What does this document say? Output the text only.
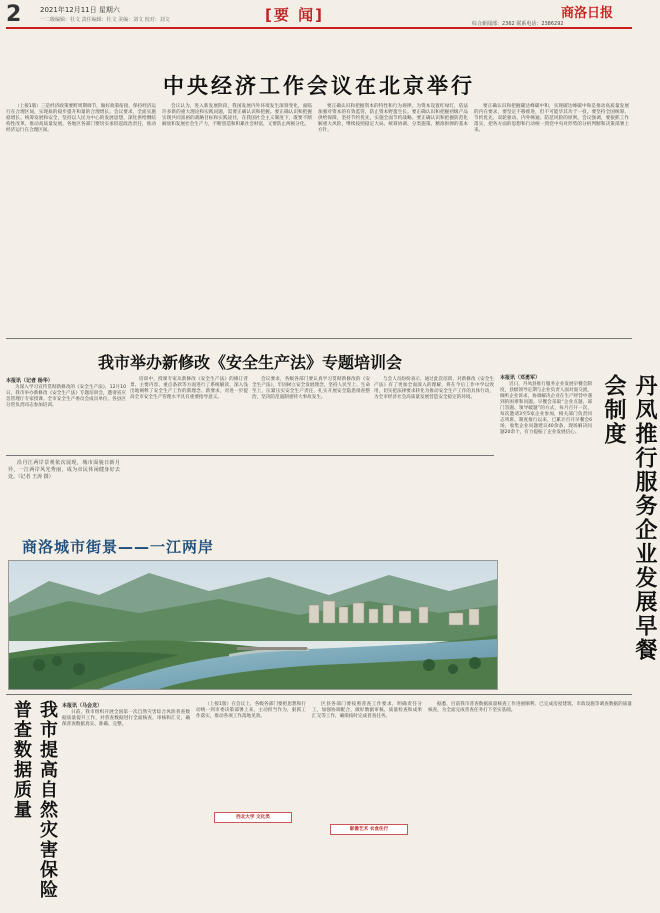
2	2021年12月11日 星期六
一二级编辑：杜文 责任编辑：杜文 美编：刘文 校对：刘文	[要 闻]	商洛日报
综合新闻部：2362 联系电话：2386292
中央经济工作会议在北京举行

（上接1版）三是经济政策要跨周期调节，做好政策衔接，保持经济运行在合理区间，实现质的稳步提升和量的合理增长。会议要求，全面实施稳增长、统筹发展和安全，坚持以人民为中心的发展思想，深化供给侧结构性改革，推动高质量发展。各地区各部门要切实承担起政治责任，推动经济运行在合理区间。

会议认为，进入新发展阶段，我国发展内外环境发生深刻变化，面临许多新的重大理论和实践问题，需要正确认识和把握。要正确认识和把握实现共同富裕的战略目标和实践途径，在我国社会主义制度下，既要不断解放和发展社会生产力，不断创造和积累社会财富，又要防止两极分化。

要正确认识和把握资本的特性和行为规律，为资本设置红绿灯，依法加强对资本的有效监管，防止资本野蛮生长。要正确认识和把握初级产品供给保障，坚持节约优先，实施全面节约战略。要正确认识和把握防范化解重大风险，继续按照稳定大局、统筹协调、分类施策、精准拆弹的基本方针。

要正确认识和把握碳达峰碳中和，实现碳达峰碳中和是推动高质量发展的内在要求，要坚定不移推进，但不可能毕其功于一役。要坚持全国统筹、节约优先、双轮驱动、内外畅通、防范风险的原则。会议强调，要狠抓工作落实，把各方面的思想和行动统一到党中央对形势的分析判断和决策部署上来。

我市举办新修改《安全生产法》专题培训会
本报讯（记者 杨华）

为深入学习宣传贯彻新修改的《安全生产法》，12月10日，我市举办新修改《安全生产法》专题培训会，邀请省应急管理厅专家授课。全市安全生产委员会成员单位、各县区分管负责同志参加培训。

培训中，授课专家从新修改《安全生产法》的修订背景、主要内容、重点条款等方面进行了系统解读，深入浅出地阐释了安全生产工作的新理念、新要求，对进一步提高全市安全生产管理水平具有重要指导意义。

会议要求，各级各部门要认真学习贯彻新修改的《安全生产法》，牢固树立安全发展理念，坚持人民至上、生命至上，压紧压实安全生产责任，扎实开展安全隐患排查整治，坚决防范遏制重特大事故发生。

与会人员纷纷表示，通过此次培训，对新修改《安全生产法》有了更加全面深入的理解，将在今后工作中学以致用，切实把法律要求转化为推动安全生产工作的具体行动，为全市经济社会高质量发展营造安全稳定的环境。	丹凤推行服务企业发展早餐会制度
本报讯（邓勇军）

近日，丹凤县推行服务企业发展早餐会制度，县级领导定期与企业负责人面对面交流，倾听企业诉求，协调解决企业在生产经营中遇到的困难和问题。早餐会采取“企业点题、部门答题、领导破题”的方式，每月召开一次，每次邀请3至5家企业参加，相关部门负责同志列席。制度推行以来，已累计召开早餐会6场，收集企业问题建议40余条，现场解决问题20余个，有力提振了企业发展信心。

商洛城市街景——一江两岸

沿丹江两岸景观依次展现，城市面貌日新月异，一江两岸风光秀丽，成为市民休闲健身好去处。（记者 王涛 摄）

我市提高自然灾害保险普查数据质量	本报讯（马会龙）

日前，我市组织开展全国第一次自然灾害综合风险普查数据质量提升工作，对普查数据进行全面核查、审核和汇交，确保普查数据真实、准确、完整。

（上接1版）在会议上，各级各部门要把思想和行动统一到市委决策部署上来，主动担当作为，狠抓工作落实，推动各项工作落地见效。

西北大学 文化类

区县各部门要按照普查工作要求，明确责任分工，加强协调配合，做好数据审核、质量检查和成果汇交等工作，确保按时完成普查任务。

影像艺术 衣食住行

据悉，目前我市普查数据质量核查工作进展顺利，已完成房屋建筑、市政设施等调查数据的质量核查，为全面完成普查任务打下坚实基础。
